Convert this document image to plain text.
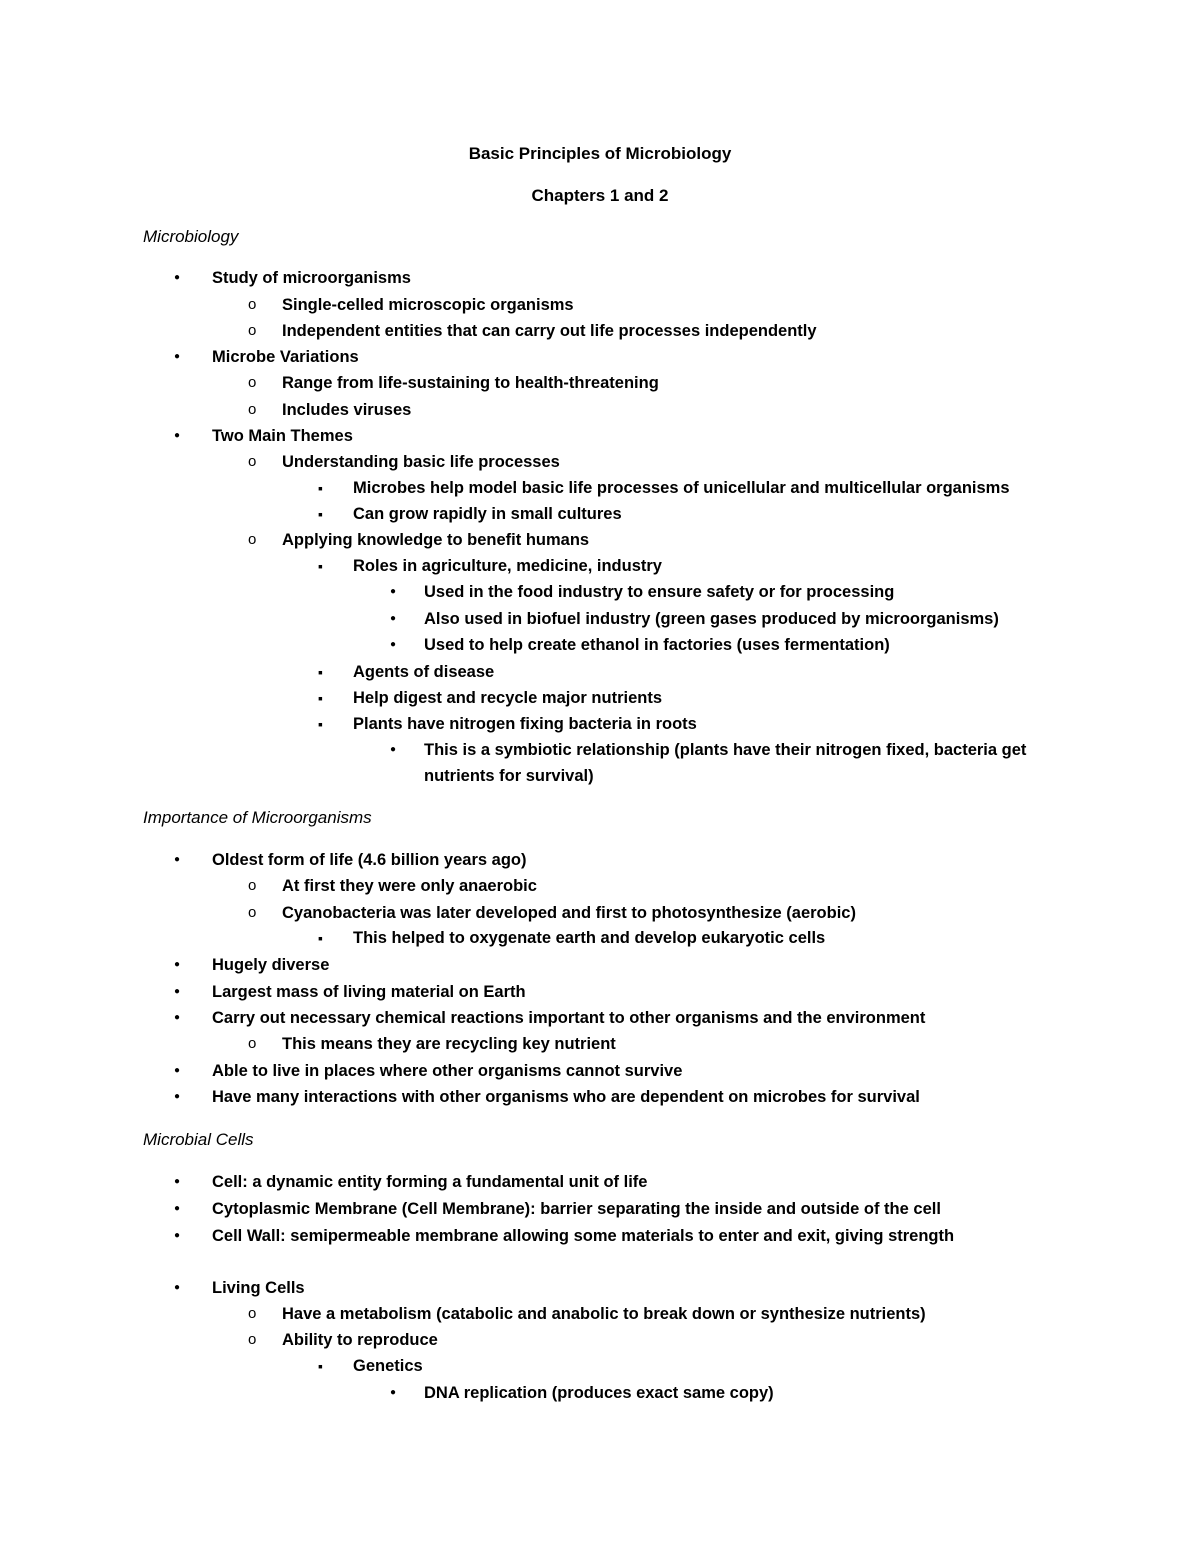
Basic Principles of Microbiology
Chapters 1 and 2
Microbiology
●
Study of microorganisms
o
Single-celled microscopic organisms
o
Independent entities that can carry out life processes independently
●
Microbe Variations
o
Range from life-sustaining to health-threatening
o
Includes viruses
●
Two Main Themes
o
Understanding basic life processes
▪
Microbes help model basic life processes of unicellular and multicellular organisms
▪
Can grow rapidly in small cultures
o
Applying knowledge to benefit humans
▪
Roles in agriculture, medicine, industry
●
Used in the food industry to ensure safety or for processing
●
Also used in biofuel industry (green gases produced by microorganisms)
●
Used to help create ethanol in factories (uses fermentation)
▪
Agents of disease
▪
Help digest and recycle major nutrients
▪
Plants have nitrogen fixing bacteria in roots
●
This is a symbiotic relationship (plants have their nitrogen fixed, bacteria get
nutrients for survival)
Importance of Microorganisms
●
Oldest form of life (4.6 billion years ago)
o
At first they were only anaerobic
o
Cyanobacteria was later developed and first to photosynthesize (aerobic)
▪
This helped to oxygenate earth and develop eukaryotic cells
●
Hugely diverse
●
Largest mass of living material on Earth
●
Carry out necessary chemical reactions important to other organisms and the environment
o
This means they are recycling key nutrient
●
Able to live in places where other organisms cannot survive
●
Have many interactions with other organisms who are dependent on microbes for survival
Microbial Cells
●
Cell: a dynamic entity forming a fundamental unit of life
●
Cytoplasmic Membrane (Cell Membrane): barrier separating the inside and outside of the cell
●
Cell Wall: semipermeable membrane allowing some materials to enter and exit, giving strength
●
Living Cells
o
Have a metabolism (catabolic and anabolic to break down or synthesize nutrients)
o
Ability to reproduce
▪
Genetics
●
DNA replication (produces exact same copy)
